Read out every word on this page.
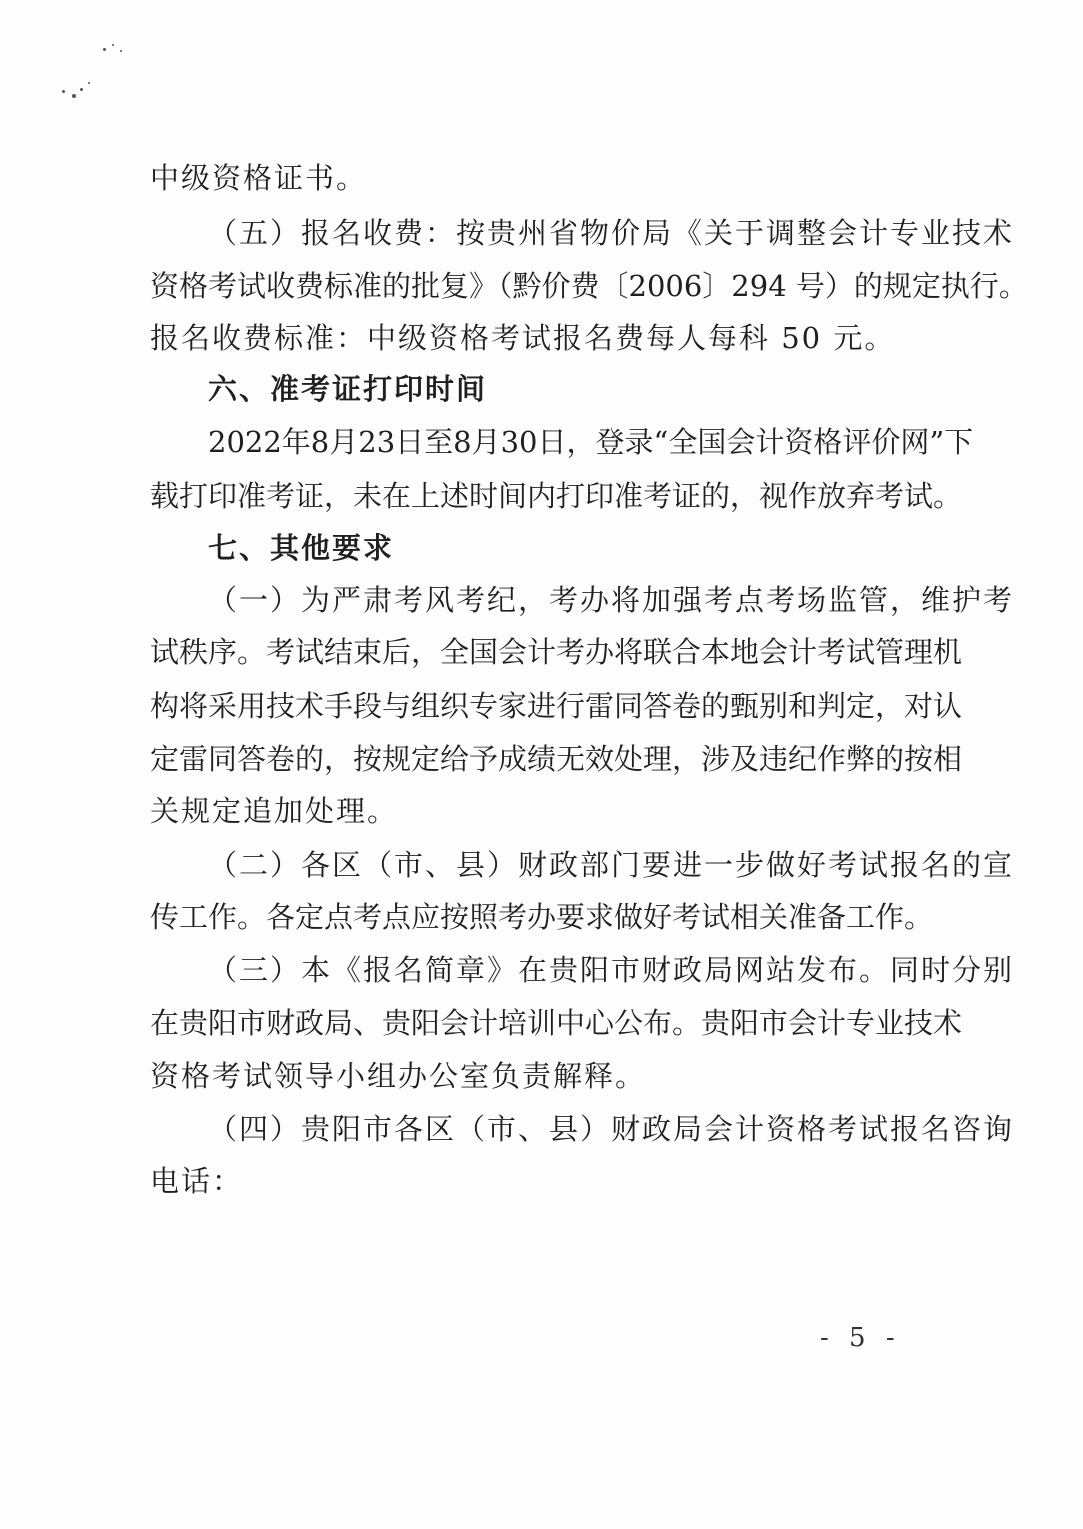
中级资格证书。
（五）报名收费：按贵州省物价局《关于调整会计专业技术
资格考试收费标准的批复》（黔价费〔2006〕294 号）的规定执行。
报名收费标准：中级资格考试报名费每人每科 50 元。
六、准考证打印时间
2022年8月23日至8月30日，登录“全国会计资格评价网”下
载打印准考证，未在上述时间内打印准考证的，视作放弃考试。
七、其他要求
（一）为严肃考风考纪，考办将加强考点考场监管，维护考
试秩序。考试结束后，全国会计考办将联合本地会计考试管理机
构将采用技术手段与组织专家进行雷同答卷的甄别和判定，对认
定雷同答卷的，按规定给予成绩无效处理，涉及违纪作弊的按相
关规定追加处理。
（二）各区（市、县）财政部门要进一步做好考试报名的宣
传工作。各定点考点应按照考办要求做好考试相关准备工作。
（三）本《报名简章》在贵阳市财政局网站发布。同时分别
在贵阳市财政局、贵阳会计培训中心公布。贵阳市会计专业技术
资格考试领导小组办公室负责解释。
（四）贵阳市各区（市、县）财政局会计资格考试报名咨询
电话：
- 5 -
